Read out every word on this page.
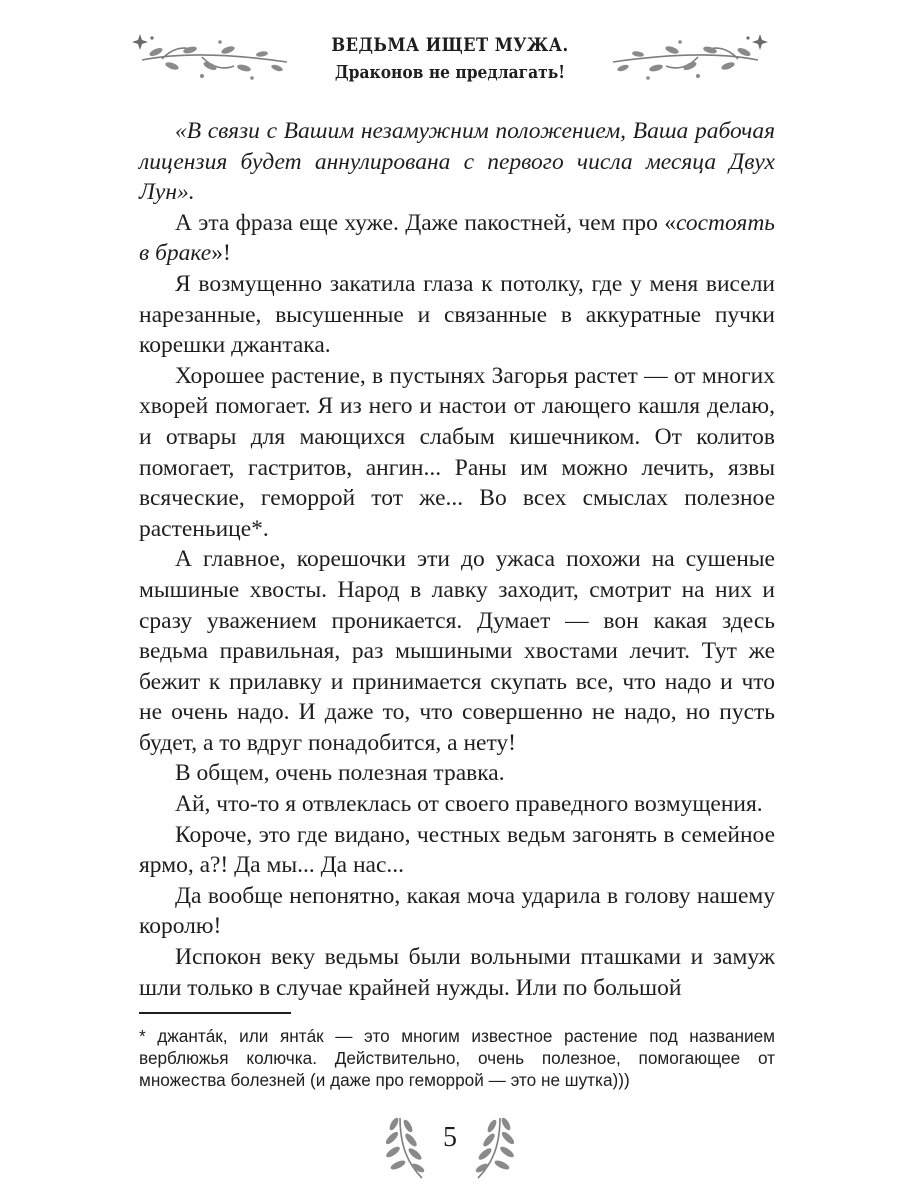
ВЕДЬМА ИЩЕТ МУЖА.
Драконов не предлагать!

«В связи с Вашим незамужним положением, Ваша рабочая лицензия будет аннулирована с первого числа месяца Двух Лун».

А эта фраза еще хуже. Даже пакостней, чем про «состоять в браке»!

Я возмущенно закатила глаза к потолку, где у меня висели нарезанные, высушенные и связанные в аккуратные пучки корешки джантака.

Хорошее растение, в пустынях Загорья растет — от многих хворей помогает. Я из него и настои от лающего кашля делаю, и отвары для мающихся слабым кишечником. От колитов помогает, гастритов, ангин... Раны им можно лечить, язвы всяческие, геморрой тот же... Во всех смыслах полезное растеньице*.

А главное, корешочки эти до ужаса похожи на сушеные мышиные хвосты. Народ в лавку заходит, смотрит на них и сразу уважением проникается. Думает — вон какая здесь ведьма правильная, раз мышиными хвостами лечит. Тут же бежит к прилавку и принимается скупать все, что надо и что не очень надо. И даже то, что совершенно не надо, но пусть будет, а то вдруг понадобится, а нету!

В общем, очень полезная травка.

Ай, что-то я отвлеклась от своего праведного возмущения.

Короче, это где видано, честных ведьм загонять в семейное ярмо, а?! Да мы... Да нас...

Да вообще непонятно, какая моча ударила в голову нашему королю!

Испокон веку ведьмы были вольными пташками и замуж шли только в случае крайней нужды. Или по большой

* джантáк, или янтáк — это многим известное растение под названием верблюжья колючка. Действительно, очень полезное, помогающее от множества болезней (и даже про геморрой — это не шутка)))

5
